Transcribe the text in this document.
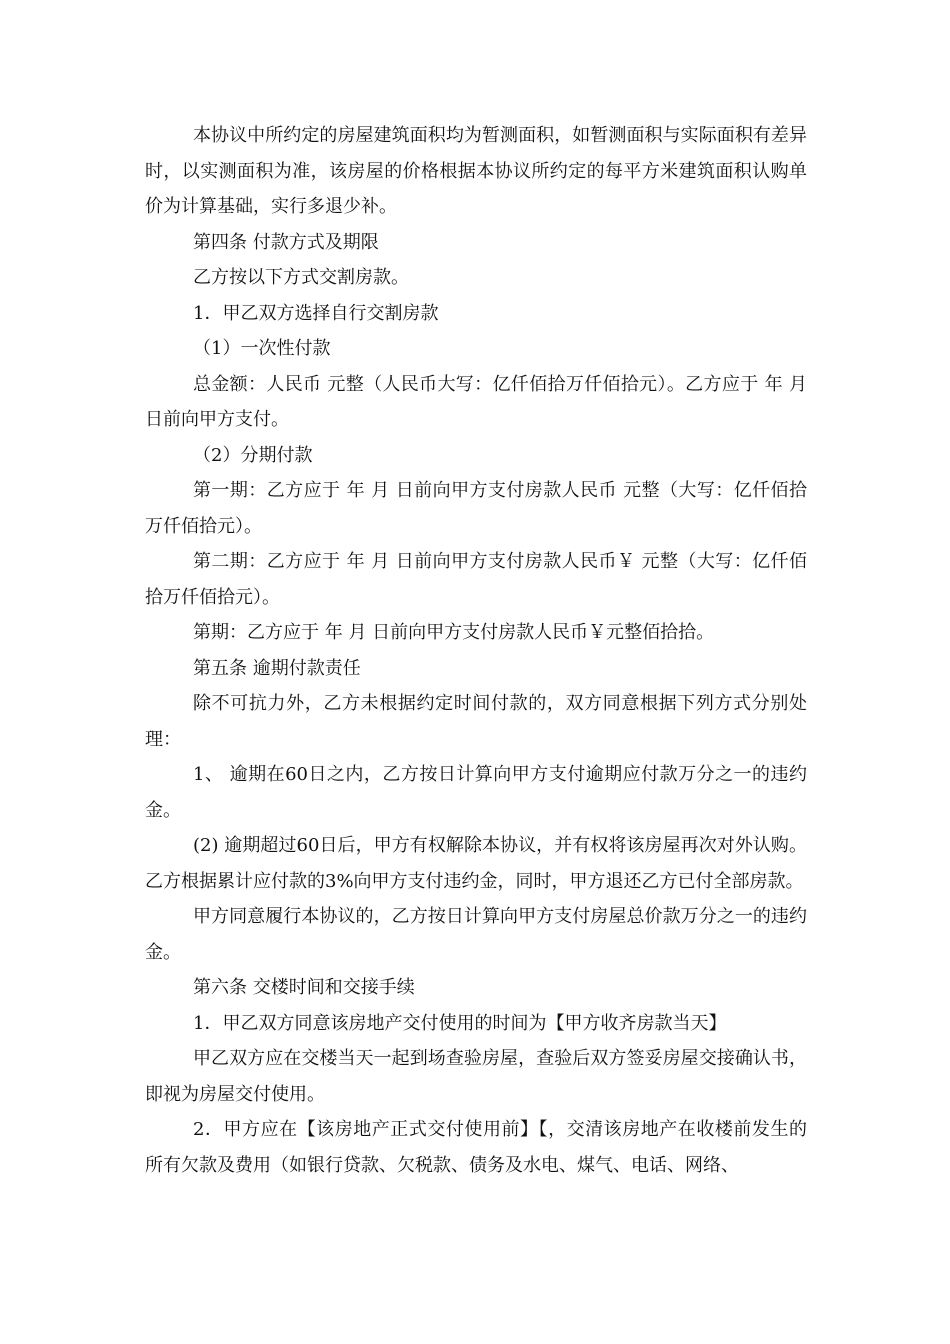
本协议中所约定的房屋建筑面积均为暂测面积，如暂测面积与实际面积有差异时，以实测面积为准，该房屋的价格根据本协议所约定的每平方米建筑面积认购单价为计算基础，实行多退少补。

第四条 付款方式及期限

乙方按以下方式交割房款。

1．甲乙双方选择自行交割房款

（1）一次性付款

总金额：人民币 元整（人民币大写：亿仟佰拾万仟佰拾元）。乙方应于 年 月 日前向甲方支付。

（2）分期付款

第一期：乙方应于 年 月 日前向甲方支付房款人民币 元整（大写：亿仟佰拾万仟佰拾元）。

第二期：乙方应于 年 月 日前向甲方支付房款人民币￥ 元整（大写：亿仟佰拾万仟佰拾元）。

第期：乙方应于 年 月 日前向甲方支付房款人民币￥元整佰拾拾。

第五条 逾期付款责任

除不可抗力外，乙方未根据约定时间付款的，双方同意根据下列方式分别处理：

1、 逾期在60日之内，乙方按日计算向甲方支付逾期应付款万分之一的违约金。

(2) 逾期超过60日后，甲方有权解除本协议，并有权将该房屋再次对外认购。乙方根据累计应付款的3%向甲方支付违约金，同时，甲方退还乙方已付全部房款。

甲方同意履行本协议的，乙方按日计算向甲方支付房屋总价款万分之一的违约金。

第六条 交楼时间和交接手续

1．甲乙双方同意该房地产交付使用的时间为【甲方收齐房款当天】

甲乙双方应在交楼当天一起到场查验房屋，查验后双方签妥房屋交接确认书，即视为房屋交付使用。

2．甲方应在【该房地产正式交付使用前】【，交清该房地产在收楼前发生的所有欠款及费用（如银行贷款、欠税款、债务及水电、煤气、电话、网络、
